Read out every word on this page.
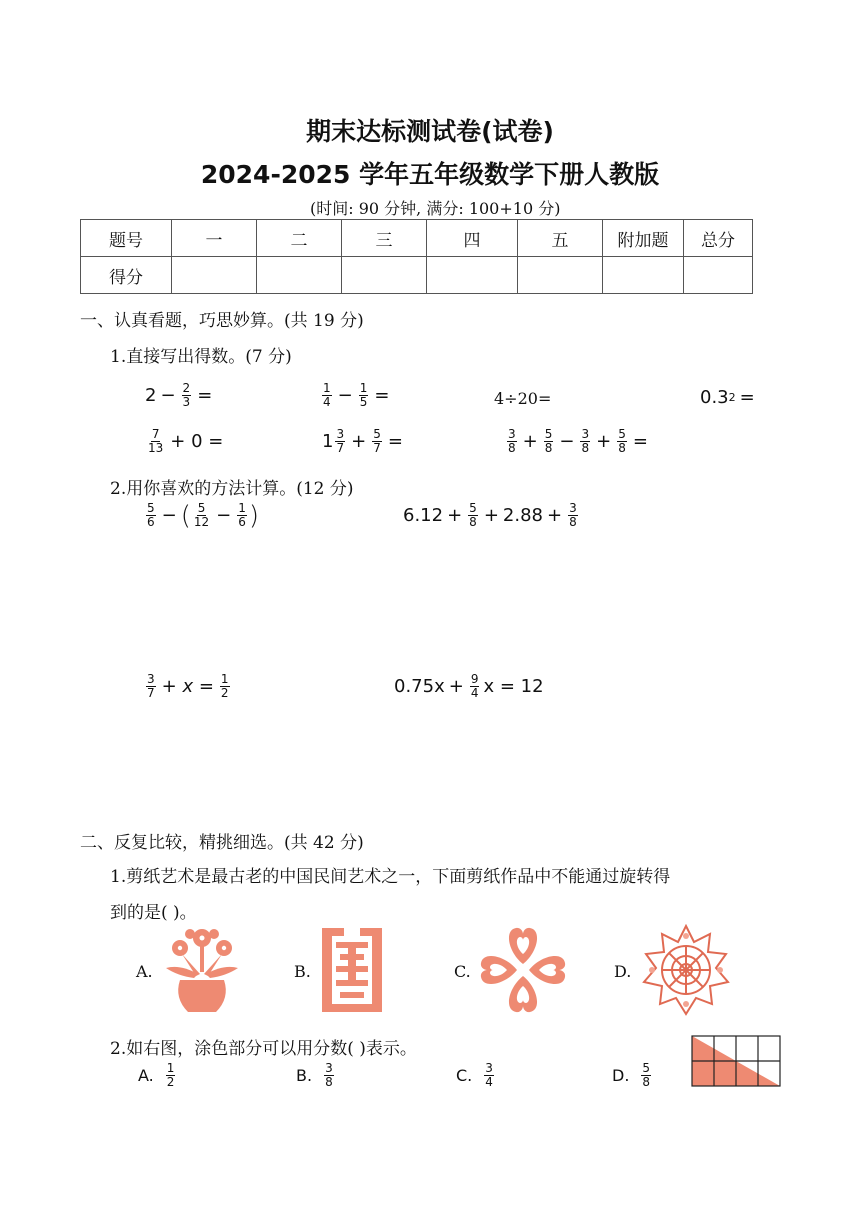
期末达标测试卷(试卷)
2024-2025 学年五年级数学下册人教版
(时间: 90 分钟, 满分: 100+10 分)
题号	一	二	三	四	五	附加题	总分
得分							
一、认真看题，巧思妙算。(共 19 分)
1.直接写出得数。(7 分)
$2 - \frac{2}{3}$ =	$\frac{1}{4} - \frac{1}{5}$ =	4÷20=	0.3 2 =
$\frac{7}{13} + 0$ =	$1 \frac{3}{7} + \frac{5}{7}$ =	$\frac{3}{8} + \frac{5}{8} - \frac{3}{8} + \frac{5}{8}$ =
2.用你喜欢的方法计算。(12 分)
$\frac{5}{6}$ − ( $\frac{5}{12} - \frac{1}{6}$ )	$6.12 + \frac{5}{8} + 2.88 + \frac{3}{8}$
$\frac{3}{7} + x = \frac{1}{2}$	$0.75x + \frac{9}{4}$ x = 12
二、反复比较，精挑细选。(共 42 分)
1.剪纸艺术是最古老的中国民间艺术之一，下面剪纸作品中不能通过旋转得
到的是( )。
A.	B.	C.	D.
2.如右图，涂色部分可以用分数( )表示。
A. $\frac{1}{2}$	B. $\frac{3}{8}$	C. $\frac{3}{4}$	D. $\frac{5}{8}$
